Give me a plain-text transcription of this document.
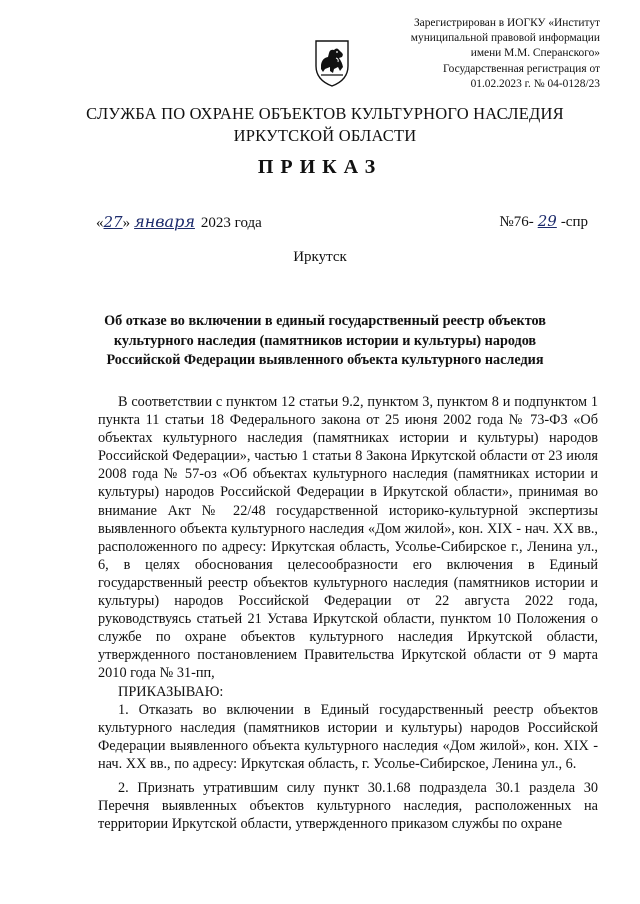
Зарегистрирован в ИОГКУ «Институт
муниципальной правовой информации
имени М.М. Сперанского»
Государственная регистрация от
01.02.2023 г. № 04-0128/23
СЛУЖБА ПО ОХРАНЕ ОБЪЕКТОВ КУЛЬТУРНОГО НАСЛЕДИЯ
ИРКУТСКОЙ ОБЛАСТИ
ПРИКАЗ
«27» января 2023 года	№76- 29 -спр
Иркутск
Об отказе во включении в единый государственный реестр объектов культурного наследия (памятников истории и культуры) народов Российской Федерации выявленного объекта культурного наследия

В соответствии с пунктом 12 статьи 9.2, пунктом 3, пунктом 8 и подпунктом 1 пункта 11 статьи 18 Федерального закона от 25 июня 2002 года № 73-ФЗ «Об объектах культурного наследия (памятниках истории и культуры) народов Российской Федерации», частью 1 статьи 8 Закона Иркутской области от 23 июля 2008 года № 57-оз «Об объектах культурного наследия (памятниках истории и культуры) народов Российской Федерации в Иркутской области», принимая во внимание Акт № 22/48 государственной историко-культурной экспертизы выявленного объекта культурного наследия «Дом жилой», кон. XIX - нач. XX вв., расположенного по адресу: Иркутская область, Усолье-Сибирское г., Ленина ул., 6, в целях обоснования целесообразности его включения в Единый государственный реестр объектов культурного наследия (памятников истории и культуры) народов Российской Федерации от 22 августа 2022 года, руководствуясь статьей 21 Устава Иркутской области, пунктом 10 Положения о службе по охране объектов культурного наследия Иркутской области, утвержденного постановлением Правительства Иркутской области от 9 марта 2010 года № 31-пп,

ПРИКАЗЫВАЮ:

1. Отказать во включении в Единый государственный реестр объектов культурного наследия (памятников истории и культуры) народов Российской Федерации выявленного объекта культурного наследия «Дом жилой», кон. XIX - нач. XX вв., по адресу: Иркутская область, г. Усолье-Сибирское, Ленина ул., 6.

2. Признать утратившим силу пункт 30.1.68 подраздела 30.1 раздела 30 Перечня выявленных объектов культурного наследия, расположенных на территории Иркутской области, утвержденного приказом службы по охране
